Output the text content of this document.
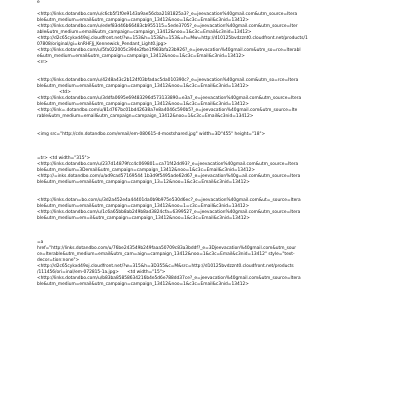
e
<http://links.dotandbo.com/u/c6cb5f1f0e9143a9ae56cba2181825a3?_e=jeevacation%40gmail.com&utm_source=Itera
ble&utm_medium=email&utm_campaign=campaign_13412&noo=1&c3c=Email&c3nid=13412>
<http://links.dotandbo.com/u/edef83d46b66483cb955115=5ede3705?_e=jeevacation%40gmail.com&utm_source=Iter
able&utm_medium=email&utm_campaign=campaign_13412&noo=1&c3c=Email&c3nid=13412>
<http://d2c65cykxd49oj.cloudfront.net/?w=153&h=153&h=153&=h=Mw=http://d10125bvdzznt0.cloudfront.net/products/1
07808/original/gi=knRHFJj_Kennewick_Pendant_Light0.jpg>
<http://links.dotandbo.com/u/5fa022005c394e2fbe1f983bfa23b926?_e=jeevacation%40gmail.com&utm_so=rce=Iterabl
e&utm_medium=email&utm_campaign=campaign_13412&noo=1&c3c=Email&c3nid=13412>
<rr>
<http://links.dotandbo.com/u/4248a43c2b124f03bfadac5da010390c?_e=jeevacation%40gmail.com&utm_so=rce=Itera
ble&utm_medium=email&utm_campaign=campaign_13412&noo=1&c3c=Email&c3nid=13412>
<td>
<http://links.dotandbo.com/u/3ddfa0695e69483296d573133890=e3a7_e=jeevacation%40gmail.com&utm_source=Itera
ble&utm_medium=email&utm_campaign=campaign_13412&noo=1&c3c=Email&c3nid=13412>
<http://link=.dotandbo.com/u/81d767bc01bd42638a7e8a4046c590b5?_e=jeevacation%40gmail.com&utm_source=Ite
rable&utm_medium=email&utm_campaign=campaign_13412&noo=1&c3c=Email&c3nid=13412>
<img src="http://cdn.dotandbo.com/email/em-080615-d-mostshared.jpg" width=3D"455" height="18">
=tr> <td width="315">
<http://links.dotandbo.com/u/237d14879fcc4c069801=ca71f42dd93?_e=jeevacation%40gmail.com&utm_source=Itera
ble&utm_medium=3Demail&utm_campaign=campaign_13412&noo=1&c3c=Email&c3nid=13412>
<http://=inks.dotandbo.com/u/ad9cad57169544 1b3d9f5495ade62d67_e=jeevacation%40g=ail.com&utm_source=Itera
ble&utm_medium=email&utm_campaign=campaign_13=12&noo=1&c3c=Email&c3nid=13412>
<http://links.dotan=bo.com/u/3d2a452e4a44401da0b9b975e530d6ec?_e=jeevacation%40gmail.com&ut=_source=Itera
ble&utm_medium=email&utm_campaign=campaign_13412&noo=1=c3c=Email&c3nid=13412>
<http://links.dotandbo.com/u/1c6a65bb8ab249b8ad3824cfa=6399527_e=jeevacation%40gmail.com&utm_source=Itera
ble&utm_medium=em=il&utm_campaign=campaign_13412&noo=1&c3c=Email&c3nid=13412>
=a
href="http://links.dotandbo.com/u/76be243549b249faaa50709c83a3bddf?_e=3Djeevacation%40gmail.com&utm_sour
ce=Iterable&utm_medium=email&utm_cam=aign=campaign_13412&noo=1&c3c=Email&c3nid=13412" style="text-
decor=tion:none">
<http://d2c65cykxd49oj.cloudfront.net/?w=315&h=3D355&c=M&src=http://d10125bvdzznt0.cloudfront.net/products
/111456/ori=inal/em-072815-1a.jpg>      <td width="15">
<http://links.dotandbo.com/u/b83ba85858634216b4e5d6e788dd37ce?_e=jeevacation%40gmail.com&utm_source=Itera
ble&utm_medium=email&utm_campaign=campaign_13412&noo=1&c3c=Email&c3nid=13412>
